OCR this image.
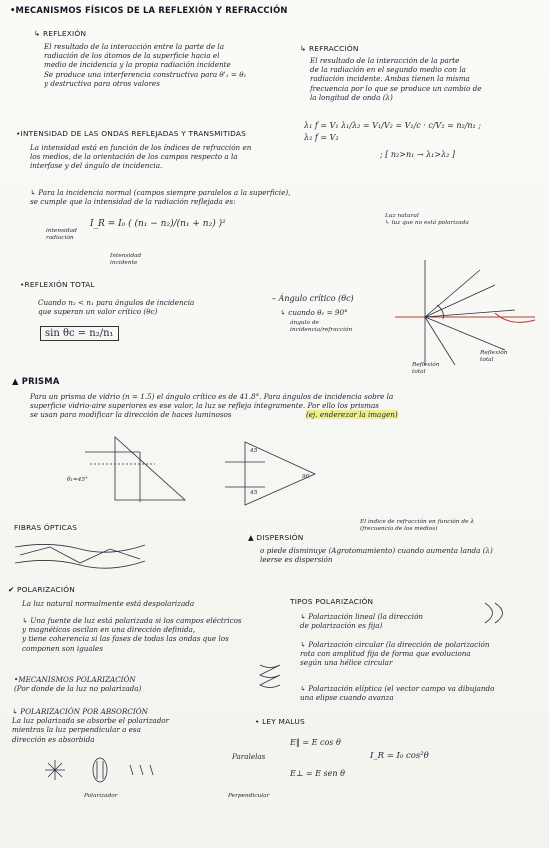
•MECANISMOS FÍSICOS DE LA REFLEXIÓN Y REFRACCIÓN
↳ REFLEXIÓN
El resultado de la interacción entre la parte de la
radiación de los átomos de la superficie hacia el
medio de incidencia y la propia radiación incidente
Se produce una interferencia constructiva para θ'₁ = θ₁
y destructiva para otros valores
↳ REFRACCIÓN
El resultado de la interacción de la parte
de la radiación en el segundo medio con la
radiación incidente. Ambas tienen la misma
frecuencia por lo que se produce un cambio de
la longitud de onda (λ)
λ₁ f = V₁ λ₁/λ₂ = V₁/V₂ = V₁/c · c/V₂ = n₂/n₁ ;
λ₂ f = V₂
; [ n₂>n₁ → λ₁>λ₂ ]
•INTENSIDAD DE LAS ONDAS REFLEJADAS Y TRANSMITIDAS
La intensidad está en función de los índices de refracción en
los medios, de la orientación de los campos respecto a la
interfase y del ángulo de incidencia.
↳ Para la incidencia normal (campos siempre paralelos a la superficie),
se cumple que la intensidad de la radiación reflejada es:
I_R = I₀ ( (n₁ − n₂)/(n₁ + n₂) )²
intensidad
radiación
Intensidad
incidente
Luz natural
↳ luz que no está polarizada
•REFLEXIÓN TOTAL
Cuando n₂ < n₁ para ángulos de incidencia
que superan un valor crítico (θc)
sin θc = n₂/n₁
– Ángulo crítico (θc)
↳ cuando θ₂ = 90°
ángulo de
incidencia/refracción
Reflexión
total
Reflexión
total
▲ PRISMA
Para un prisma de vidrio (n = 1.5) el ángulo crítico es de 41.8°. Para ángulos de incidencia sobre la
superficie vidrio-aire superiores es ese valor, la luz se refleja íntegramente. Por ello los prismas
se usan para modificar la dirección de haces luminosos	(ej. enderezar la imagen)
θ₁=45°	90
45
45
FIBRAS ÓPTICAS
▲ DISPERSIÓN
o piede disminuye (Agrotomamiento) cuando aumenta landa (λ)
leerse es dispersión
El índice de refracción en función de λ
(frecuencia de los medios)
✔ POLARIZACIÓN
La luz natural normalmente está despolarizada
↳ Una fuente de luz está polarizada si los campos eléctricos
y magnéticos oscilan en una dirección definida,
y tiene coherencia si las fases de todas las ondas que los
componen son iguales
•MECANISMOS POLARIZACIÓN
(Por donde de la luz no polarizada)
↳ POLARIZACIÓN POR ABSORCIÓN
La luz polarizada se absorbe el polarizador
mientras la luz perpendicular a esa
dirección es absorbida
Polarizador
TIPOS POLARIZACIÓN
↳ Polarización lineal (la dirección
de polarización es fija)
↳ Polarización circular (la dirección de polarización
rota con amplitud fija de forma que evoluciona
según una hélice circular
↳ Polarización elíptica (el vector campo va dibujando
una elipse cuando avanza
• LEY MALUS
Paralelas
Perpendicular
E‖ = E cos θ
E⊥ = E sen θ
I_R = I₀ cos²θ
